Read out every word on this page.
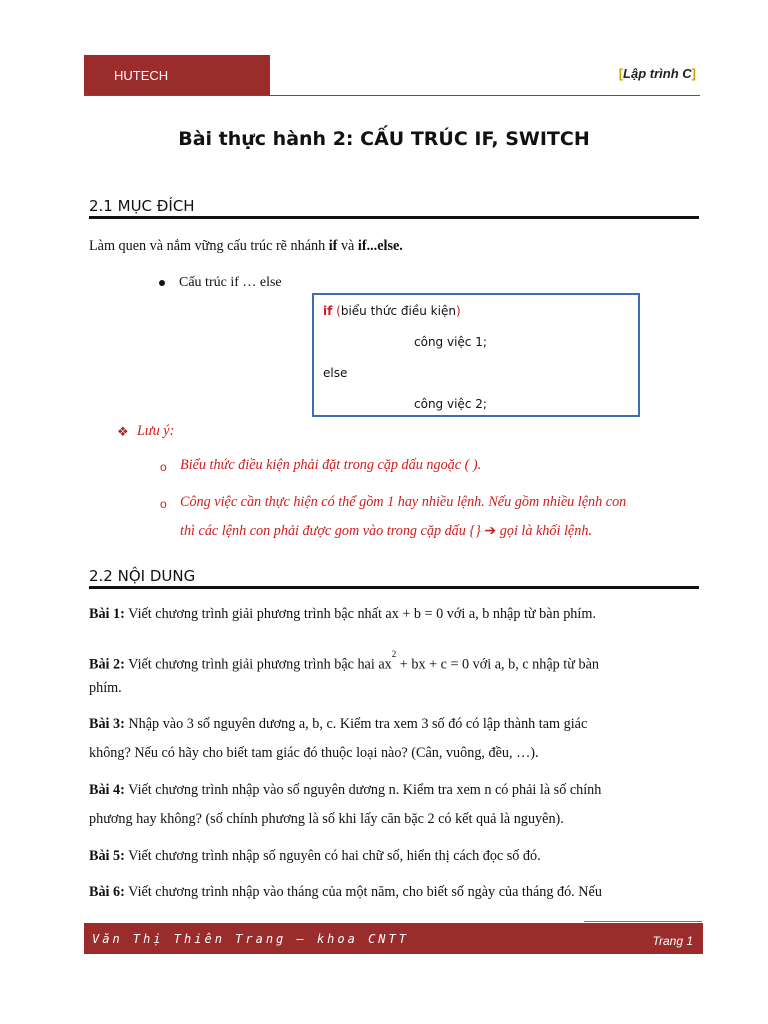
HUTECH	[Lập trình C]
Bài thực hành 2: CẤU TRÚC IF, SWITCH
2.1 MỤC ĐÍCH
Làm quen và nắm vững cấu trúc rẽ nhánh if và if...else.
Cấu trúc if … else
if (biểu thức điều kiện)
công việc 1;
else
công việc 2;
❖ Lưu ý:
o Biểu thức điều kiện phải đặt trong cặp dấu ngoặc ( ).
o Công việc cần thực hiện có thể gồm 1 hay nhiều lệnh. Nếu gồm nhiều lệnh con
thì các lệnh con phải được gom vào trong cặp dấu {} ➔ gọi là khối lệnh.
2.2 NỘI DUNG
Bài 1: Viết chương trình giải phương trình bậc nhất ax + b = 0 với a, b nhập từ bàn phím.
Bài 2: Viết chương trình giải phương trình bậc hai $ax^2$ + bx + c = 0 với a, b, c nhập từ bàn
phím.
Bài 3: Nhập vào 3 số nguyên dương a, b, c. Kiểm tra xem 3 số đó có lập thành tam giác
không? Nếu có hãy cho biết tam giác đó thuộc loại nào? (Cân, vuông, đều, …).
Bài 4: Viết chương trình nhập vào số nguyên dương n. Kiểm tra xem n có phải là số chính
phương hay không? (số chính phương là số khi lấy căn bặc 2 có kết quả là nguyên).
Bài 5: Viết chương trình nhập số nguyên có hai chữ số, hiển thị cách đọc số đó.
Bài 6: Viết chương trình nhập vào tháng của một năm, cho biết số ngày của tháng đó. Nếu
Văn Thị Thiên Trang – khoa CNTT	Trang 1
